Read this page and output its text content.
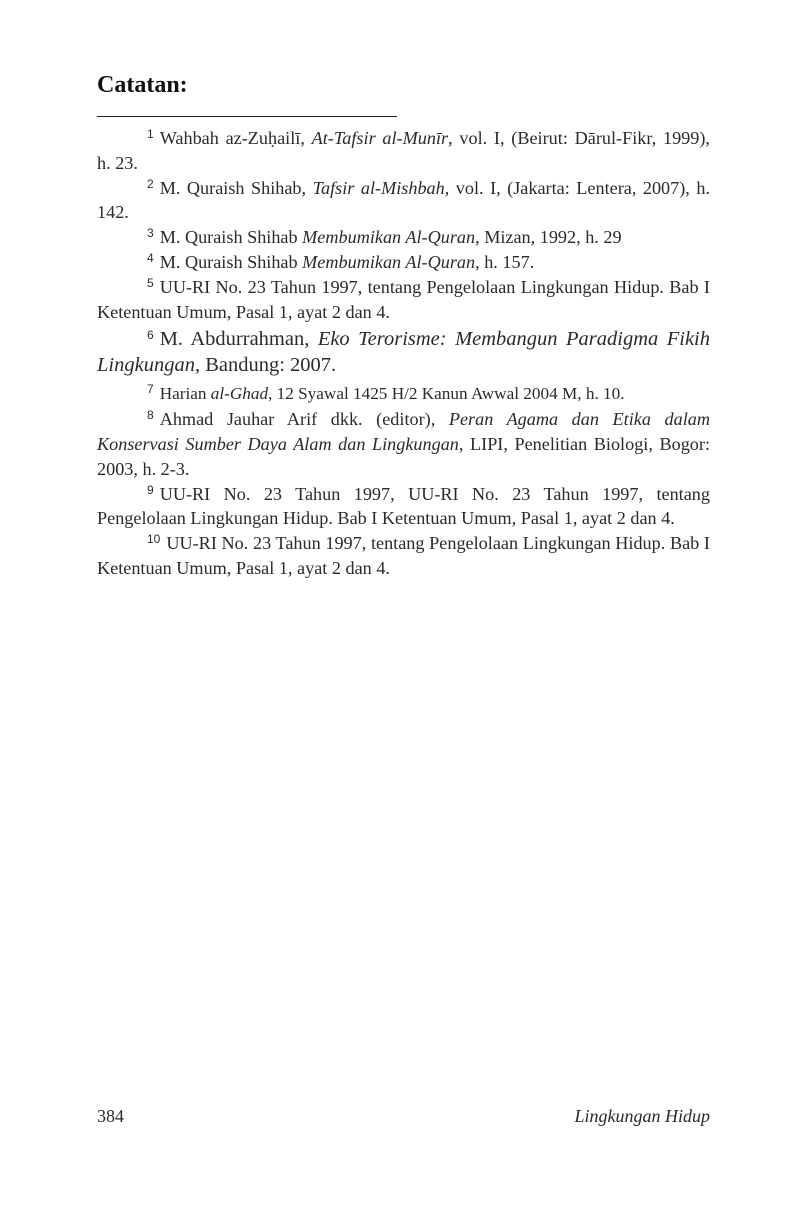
Catatan:

$^1$ Wahbah az-Zuḥailī, At-Tafsir al-Munīr, vol. I, (Beirut: Dārul-Fikr, 1999), h. 23.

$^2$ M. Quraish Shihab, Tafsir al-Mishbah, vol. I, (Jakarta: Lentera, 2007), h. 142.

$^3$ M. Quraish Shihab Membumikan Al-Quran, Mizan, 1992, h. 29

$^4$ M. Quraish Shihab Membumikan Al-Quran, h. 157.

$^5$ UU-RI No. 23 Tahun 1997, tentang Pengelolaan Lingkungan Hidup. Bab I Ketentuan Umum, Pasal 1, ayat 2 dan 4.

$^6$ M. Abdurrahman, Eko Terorisme: Membangun Paradigma Fikih Lingkungan, Bandung: 2007.

$^7$ Harian al-Ghad, 12 Syawal 1425 H/2 Kanun Awwal 2004 M, h. 10.

$^8$ Ahmad Jauhar Arif dkk. (editor), Peran Agama dan Etika dalam Konservasi Sumber Daya Alam dan Lingkungan, LIPI, Penelitian Biologi, Bogor: 2003, h. 2-3.

$^9$ UU-RI No. 23 Tahun 1997, UU-RI No. 23 Tahun 1997, tentang Pengelolaan Lingkungan Hidup. Bab I Ketentuan Umum, Pasal 1, ayat 2 dan 4.

$^{10}$ UU-RI No. 23 Tahun 1997, tentang Pengelolaan Lingkungan Hidup. Bab I Ketentuan Umum, Pasal 1, ayat 2 dan 4.

384	Lingkungan Hidup
